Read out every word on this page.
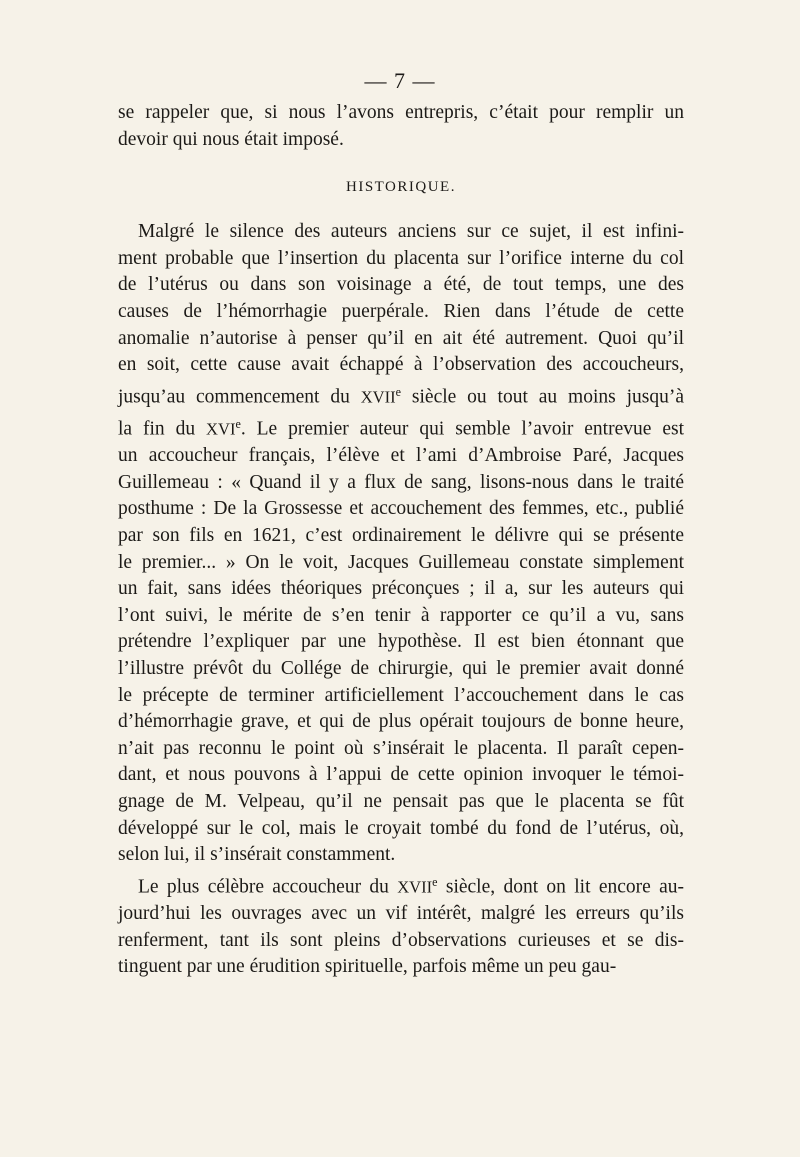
— 7 —
se rappeler que, si nous l’avons entrepris, c’était pour remplir un
devoir qui nous était imposé.
HISTORIQUE.
Malgré le silence des auteurs anciens sur ce sujet, il est infini-
ment probable que l’insertion du placenta sur l’orifice interne du col
de l’utérus ou dans son voisinage a été, de tout temps, une des
causes de l’hémorrhagie puerpérale. Rien dans l’étude de cette
anomalie n’autorise à penser qu’il en ait été autrement. Quoi qu’il
en soit, cette cause avait échappé à l’observation des accoucheurs,
jusqu’au commencement du XVIIe siècle ou tout au moins jusqu’à
la fin du XVIe. Le premier auteur qui semble l’avoir entrevue est
un accoucheur français, l’élève et l’ami d’Ambroise Paré, Jacques
Guillemeau : « Quand il y a flux de sang, lisons-nous dans le traité
posthume : De la Grossesse et accouchement des femmes, etc., publié
par son fils en 1621, c’est ordinairement le délivre qui se présente
le premier... » On le voit, Jacques Guillemeau constate simplement
un fait, sans idées théoriques préconçues ; il a, sur les auteurs qui
l’ont suivi, le mérite de s’en tenir à rapporter ce qu’il a vu, sans
prétendre l’expliquer par une hypothèse. Il est bien étonnant que
l’illustre prévôt du Collége de chirurgie, qui le premier avait donné
le précepte de terminer artificiellement l’accouchement dans le cas
d’hémorrhagie grave, et qui de plus opérait toujours de bonne heure,
n’ait pas reconnu le point où s’insérait le placenta. Il paraît cepen-
dant, et nous pouvons à l’appui de cette opinion invoquer le témoi-
gnage de M. Velpeau, qu’il ne pensait pas que le placenta se fût
développé sur le col, mais le croyait tombé du fond de l’utérus, où,
selon lui, il s’insérait constamment.
Le plus célèbre accoucheur du XVIIe siècle, dont on lit encore au-
jourd’hui les ouvrages avec un vif intérêt, malgré les erreurs qu’ils
renferment, tant ils sont pleins d’observations curieuses et se dis-
tinguent par une érudition spirituelle, parfois même un peu gau-
